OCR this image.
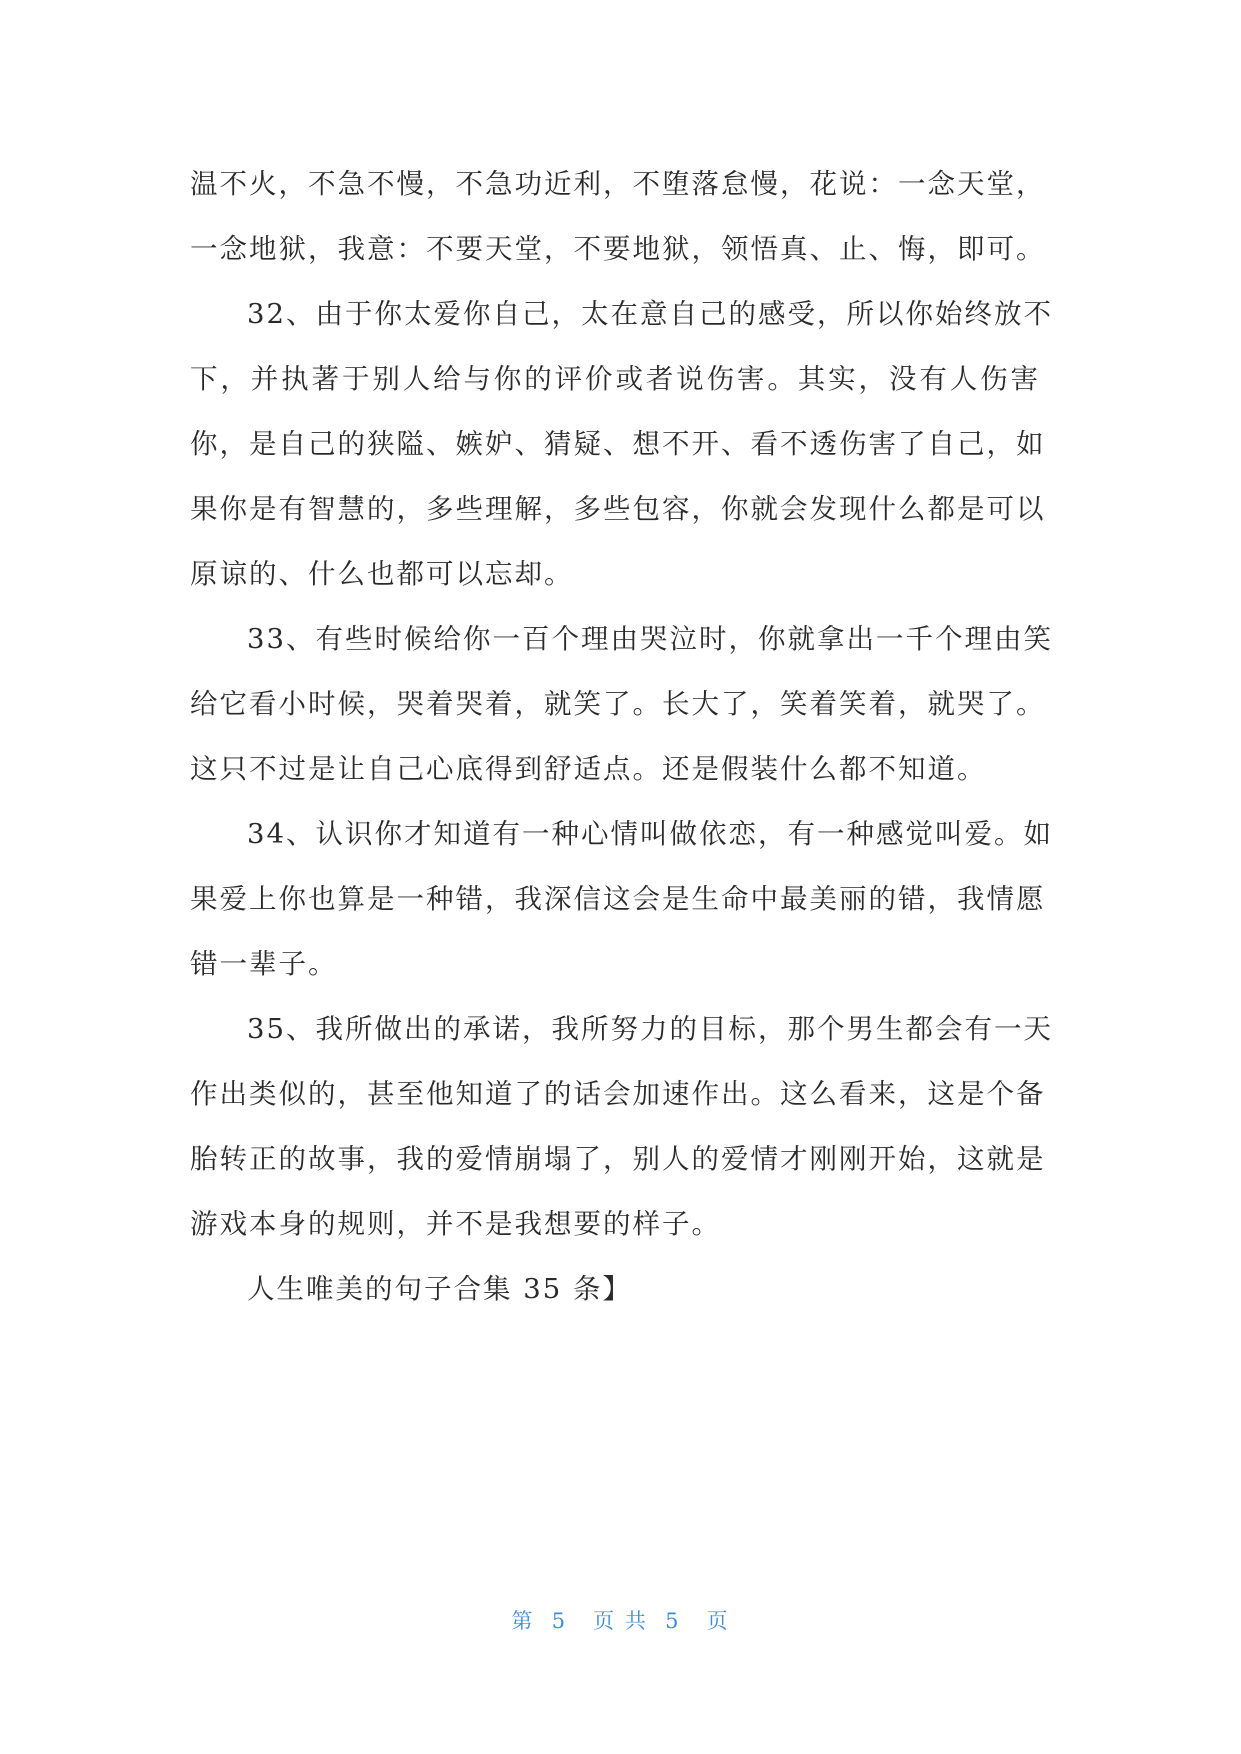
温不火，不急不慢，不急功近利，不堕落怠慢，花说：一念天堂，
一念地狱，我意：不要天堂，不要地狱，领悟真、止、悔，即可。
32、由于你太爱你自己，太在意自己的感受，所以你始终放不
下，并执著于别人给与你的评价或者说伤害。其实，没有人伤害
你，是自己的狭隘、嫉妒、猜疑、想不开、看不透伤害了自己，如
果你是有智慧的，多些理解，多些包容，你就会发现什么都是可以
原谅的、什么也都可以忘却。
33、有些时候给你一百个理由哭泣时，你就拿出一千个理由笑
给它看小时候，哭着哭着，就笑了。长大了，笑着笑着，就哭了。
这只不过是让自己心底得到舒适点。还是假装什么都不知道。
34、认识你才知道有一种心情叫做依恋，有一种感觉叫爱。如
果爱上你也算是一种错，我深信这会是生命中最美丽的错，我情愿
错一辈子。
35、我所做出的承诺，我所努力的目标，那个男生都会有一天
作出类似的，甚至他知道了的话会加速作出。这么看来，这是个备
胎转正的故事，我的爱情崩塌了，别人的爱情才刚刚开始，这就是
游戏本身的规则，并不是我想要的样子。
人生唯美的句子合集 35 条】
第  5   页 共  5   页
